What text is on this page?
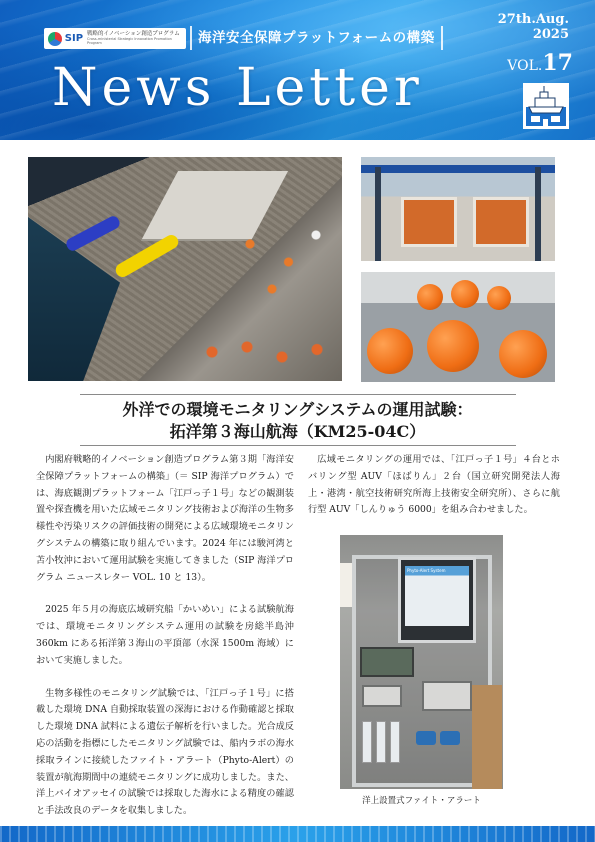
SIP 戦略的イノベーション創造プログラム
Cross-ministerial Strategic Innovation Promotion Program	海洋安全保障プラットフォームの構築
News Letter
27th.Aug.
2025
VOL.17
Phyto-Alert System
洋上設置式ファイト・アラート
外洋での環境モニタリングシステムの運用試験：
拓洋第３海山航海（KM25-04C）

内閣府戦略的イノベーション創造プログラム第３期「海洋安全保障プラットフォームの構築」（＝ SIP 海洋プログラム）では、海底観測プラットフォーム「江戸っ子１号」などの観測装置や探査機を用いた広域モニタリング技術および海洋の生物多様性や汚染リスクの評価技術の開発による広域環境モニタリングシステムの構築に取り組んでいます。2024 年には駿河湾と苫小牧沖において運用試験を実施してきました（SIP 海洋プログラム ニュースレター VOL. 10 と 13）。

2025 年５月の海底広域研究船「かいめい」による試験航海では、環境モニタリングシステム運用の試験を房総半島沖 360km にある拓洋第３海山の平頂部（水深 1500m 海域）において実施しました。

生物多様性のモニタリング試験では、「江戸っ子１号」に搭載した環境 DNA 自動採取装置の深海における作動確認と採取した環境 DNA 試料による遺伝子解析を行いました。光合成反応の活動を指標にしたモニタリング試験では、船内ラボの海水採取ラインに接続したファイト・アラート（Phyto-Alert）の装置が航海期間中の連続モニタリングに成功しました。また、洋上バイオアッセイの試験では採取した海水による精度の確認と手法改良のデータを収集しました。

広域モニタリングの運用では、「江戸っ子１号」４台とホバリング型 AUV「ほばりん」２台（国立研究開発法人海上・港湾・航空技術研究所海上技術安全研究所）、さらに航行型 AUV「しんりゅう 6000」を組み合わせました。
